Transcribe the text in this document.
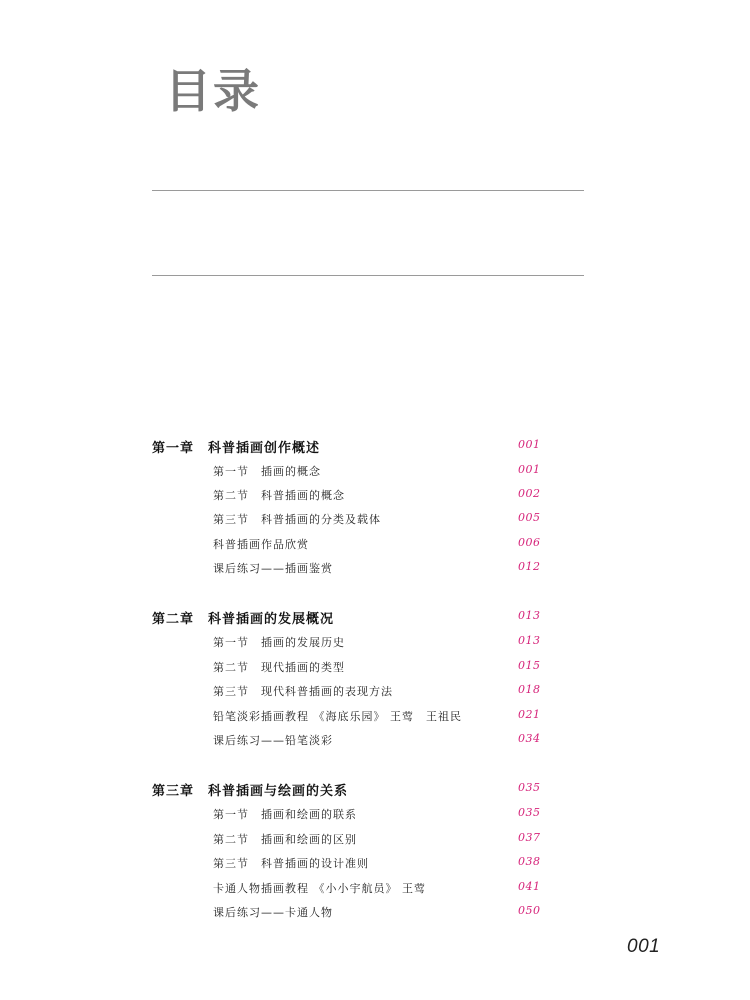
目录
第一章　科普插画创作概述	001
第一节　插画的概念	001
第二节　科普插画的概念	002
第三节　科普插画的分类及载体	005
科普插画作品欣赏	006
课后练习——插画鉴赏	012
第二章　科普插画的发展概况	013
第一节　插画的发展历史	013
第二节　现代插画的类型	015
第三节　现代科普插画的表现方法	018
铅笔淡彩插画教程 《海底乐园》 王莺　王祖民	021
课后练习——铅笔淡彩	034
第三章　科普插画与绘画的关系	035
第一节　插画和绘画的联系	035
第二节　插画和绘画的区别	037
第三节　科普插画的设计准则	038
卡通人物插画教程 《小小宇航员》 王莺	041
课后练习——卡通人物	050
001
